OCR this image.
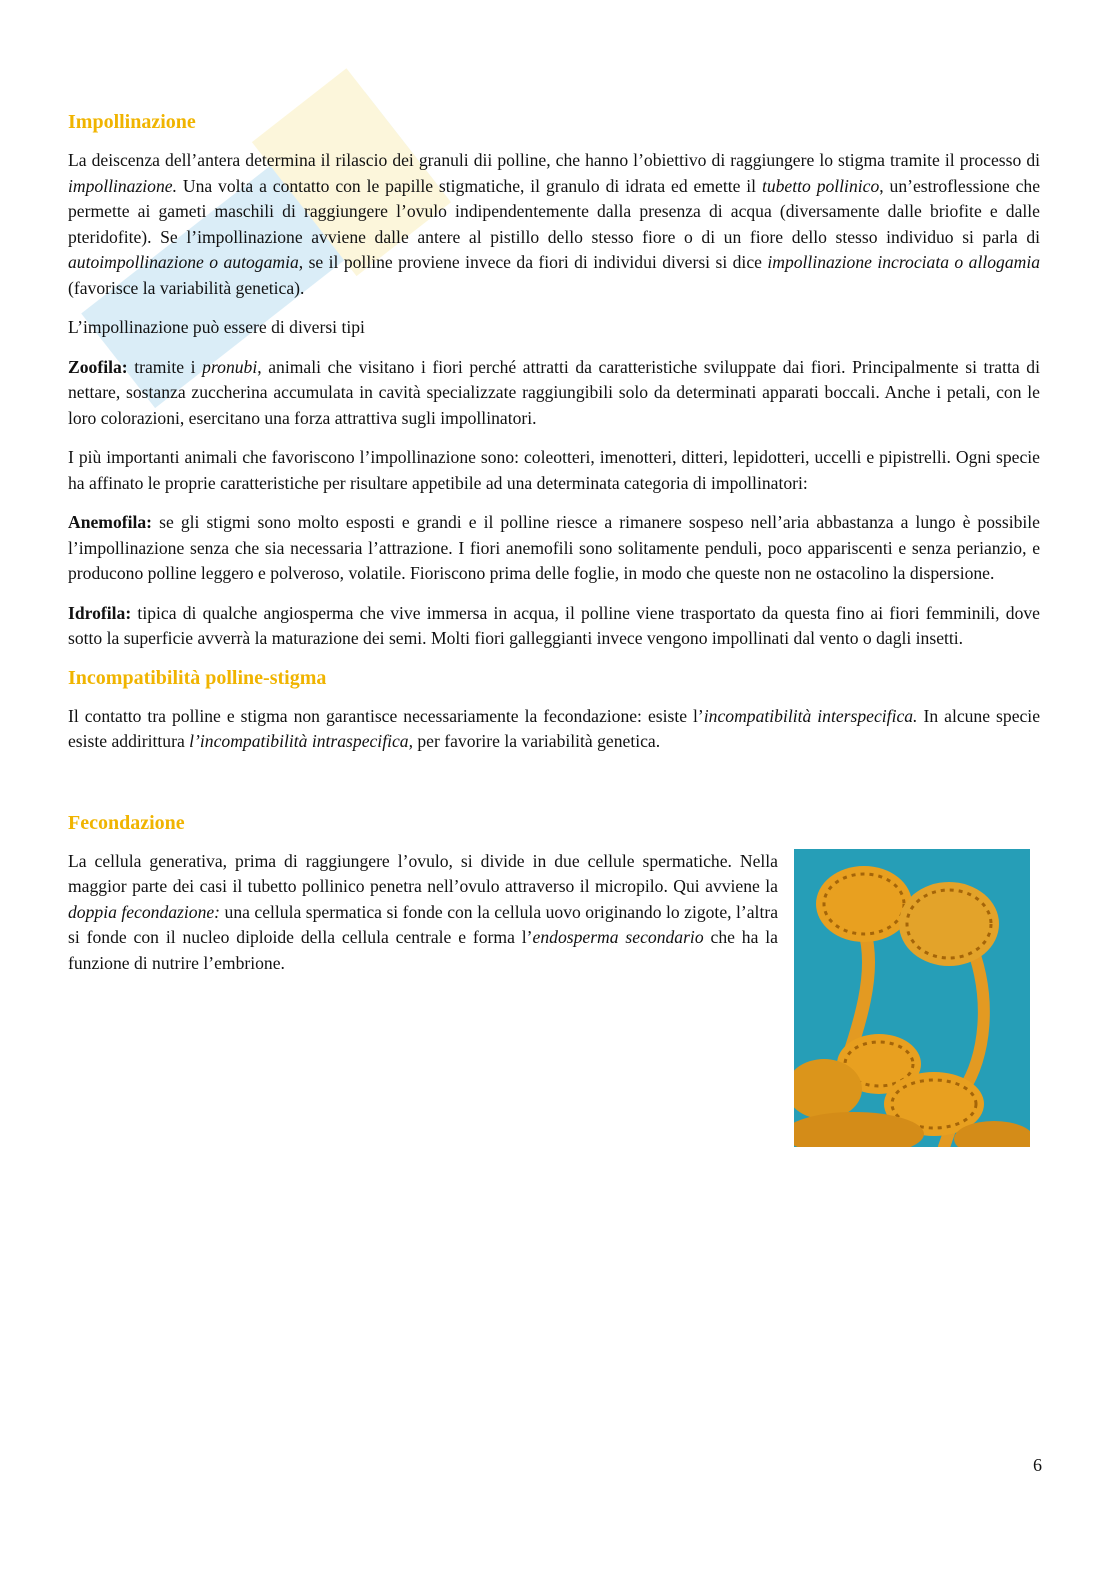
Impollinazione

La deiscenza dell’antera determina il rilascio dei granuli dii polline, che hanno l’obiettivo di raggiungere lo stigma tramite il processo di impollinazione. Una volta a contatto con le papille stigmatiche, il granulo di idrata ed emette il tubetto pollinico, un’estroflessione che permette ai gameti maschili di raggiungere l’ovulo indipendentemente dalla presenza di acqua (diversamente dalle briofite e dalle pteridofite). Se l’impollinazione avviene dalle antere al pistillo dello stesso fiore o di un fiore dello stesso individuo si parla di autoimpollinazione o autogamia, se il polline proviene invece da fiori di individui diversi si dice impollinazione incrociata o allogamia (favorisce la variabilità genetica).

L’impollinazione può essere di diversi tipi

Zoofila: tramite i pronubi, animali che visitano i fiori perché attratti da caratteristiche sviluppate dai fiori. Principalmente si tratta di nettare, sostanza zuccherina accumulata in cavità specializzate raggiungibili solo da determinati apparati boccali. Anche i petali, con le loro colorazioni, esercitano una forza attrattiva sugli impollinatori.

I più importanti animali che favoriscono l’impollinazione sono: coleotteri, imenotteri, ditteri, lepidotteri, uccelli e pipistrelli. Ogni specie ha affinato le proprie caratteristiche per risultare appetibile ad una determinata categoria di impollinatori:

Anemofila: se gli stigmi sono molto esposti e grandi e il polline riesce a rimanere sospeso nell’aria abbastanza a lungo è possibile l’impollinazione senza che sia necessaria l’attrazione. I fiori anemofili sono solitamente penduli, poco appariscenti e senza perianzio, e producono polline leggero e polveroso, volatile. Fioriscono prima delle foglie, in modo che queste non ne ostacolino la dispersione.

Idrofila: tipica di qualche angiosperma che vive immersa in acqua, il polline viene trasportato da questa fino ai fiori femminili, dove sotto la superficie avverrà la maturazione dei semi. Molti fiori galleggianti invece vengono impollinati dal vento o dagli insetti.

Incompatibilità polline-stigma

Il contatto tra polline e stigma non garantisce necessariamente la fecondazione: esiste l’incompatibilità interspecifica. In alcune specie esiste addirittura l’incompatibilità intraspecifica, per favorire la variabilità genetica.

Fecondazione

La cellula generativa, prima di raggiungere l’ovulo, si divide in due cellule spermatiche. Nella maggior parte dei casi il tubetto pollinico penetra nell’ovulo attraverso il micropilo. Qui avviene la doppia fecondazione: una cellula spermatica si fonde con la cellula uovo originando lo zigote, l’altra si fonde con il nucleo diploide della cellula centrale e forma l’endosperma secondario che ha la funzione di nutrire l’embrione.

6
